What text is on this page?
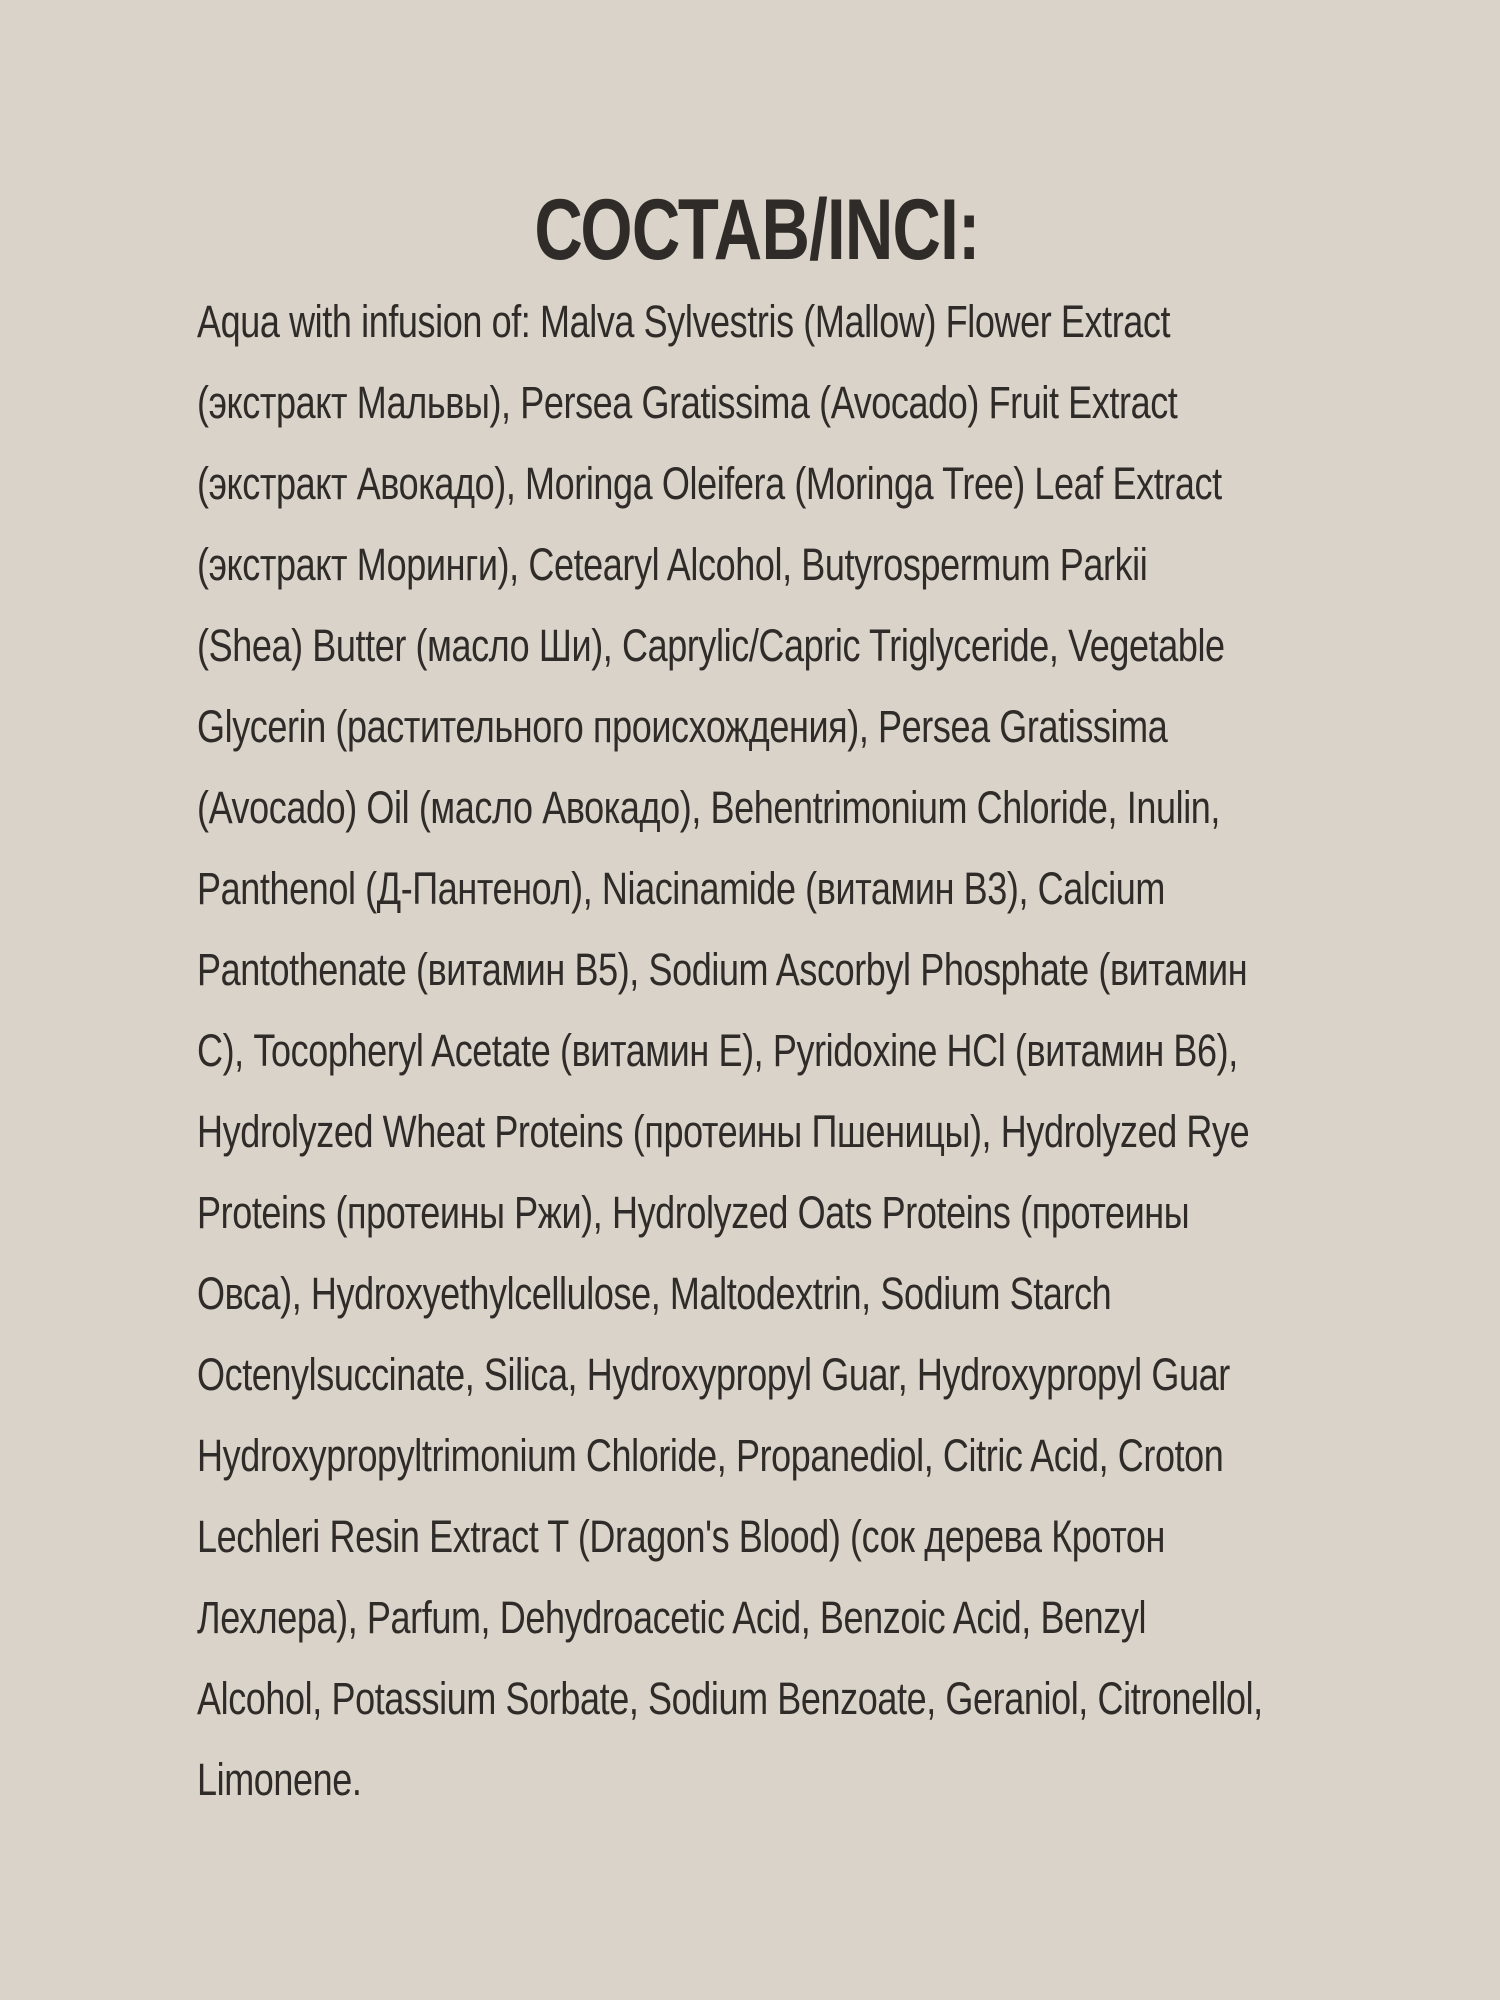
СОСТАВ/INCI:
Aqua with infusion of: Malva Sylvestris (Mallow) Flower Extract
(экстракт Мальвы), Persea Gratissima (Avocado) Fruit Extract
(экстракт Авокадо), Moringa Oleifera (Moringa Tree) Leaf Extract
(экстракт Моринги), Cetearyl Alcohol, Butyrospermum Parkii
(Shea) Butter (масло Ши), Caprylic/Capric Triglyceride, Vegetable
Glycerin (растительного происхождения), Persea Gratissima
(Avocado) Oil (масло Авокадо), Behentrimonium Chloride, Inulin,
Panthenol (Д-Пантенол), Niacinamide (витамин B3), Calcium
Pantothenate (витамин B5), Sodium Ascorbyl Phosphate (витамин
С), Tocopheryl Acetate (витамин E), Pyridoxine HCl (витамин B6),
Hydrolyzed Wheat Proteins (протеины Пшеницы), Hydrolyzed Rye
Proteins (протеины Ржи), Hydrolyzed Oats Proteins (протеины
Овса), Hydroxyethylcellulose, Maltodextrin, Sodium Starch
Octenylsuccinate, Silica, Hydroxypropyl Guar, Hydroxypropyl Guar
Hydroxypropyltrimonium Chloride, Propanediol, Citric Acid, Croton
Lechleri Resin Extract T (Dragon's Blood) (сок дерева Кротон
Лехлера), Parfum, Dehydroacetic Acid, Benzoic Acid, Benzyl
Alcohol, Potassium Sorbate, Sodium Benzoate, Geraniol, Citronellol,
Limonene.
